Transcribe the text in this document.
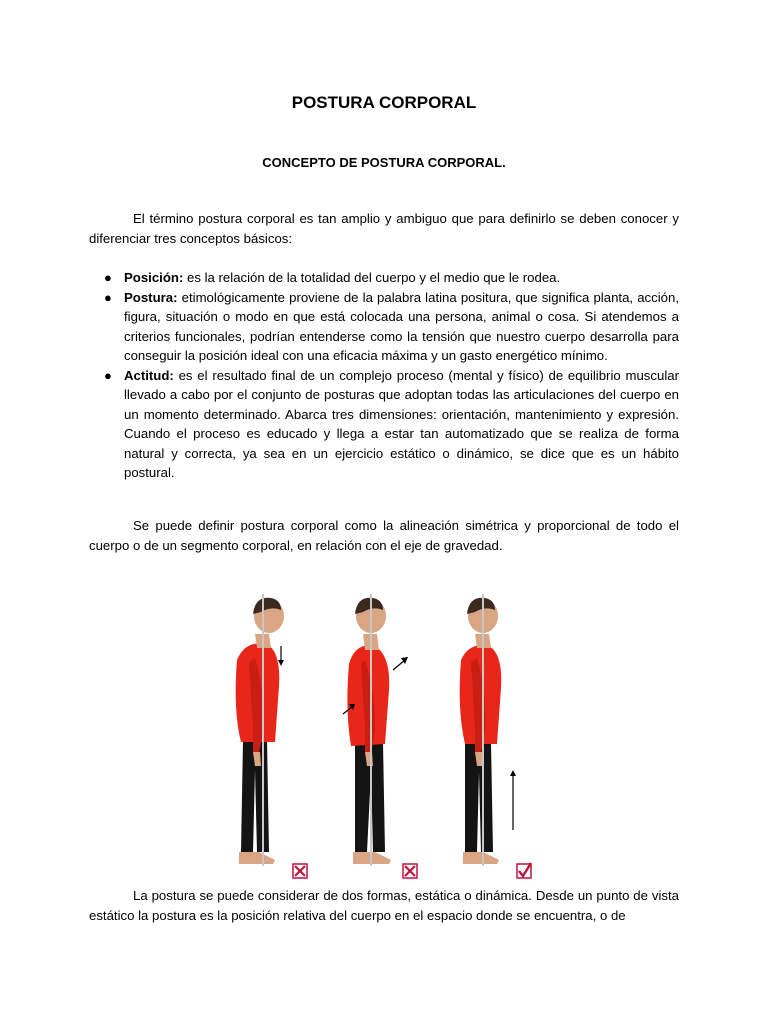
POSTURA CORPORAL
CONCEPTO DE POSTURA CORPORAL.
El término postura corporal es tan amplio y ambiguo que para definirlo se deben conocer y diferenciar tres conceptos básicos:
● Posición: es la relación de la totalidad del cuerpo y el medio que le rodea.
● Postura: etimológicamente proviene de la palabra latina positura, que significa planta, acción, figura, situación o modo en que está colocada una persona, animal o cosa. Si atendemos a criterios funcionales, podrían entenderse como la tensión que nuestro cuerpo desarrolla para conseguir la posición ideal con una eficacia máxima y un gasto energético mínimo.
● Actitud: es el resultado final de un complejo proceso (mental y físico) de equilibrio muscular llevado a cabo por el conjunto de posturas que adoptan todas las articulaciones del cuerpo en un momento determinado. Abarca tres dimensiones: orientación, mantenimiento y expresión. Cuando el proceso es educado y llega a estar tan automatizado que se realiza de forma natural y correcta, ya sea en un ejercicio estático o dinámico, se dice que es un hábito postural.
Se puede definir postura corporal como la alineación simétrica y proporcional de todo el cuerpo o de un segmento corporal, en relación con el eje de gravedad.
La postura se puede considerar de dos formas, estática o dinámica. Desde un punto de vista estático la postura es la posición relativa del cuerpo en el espacio donde se encuentra, o de
